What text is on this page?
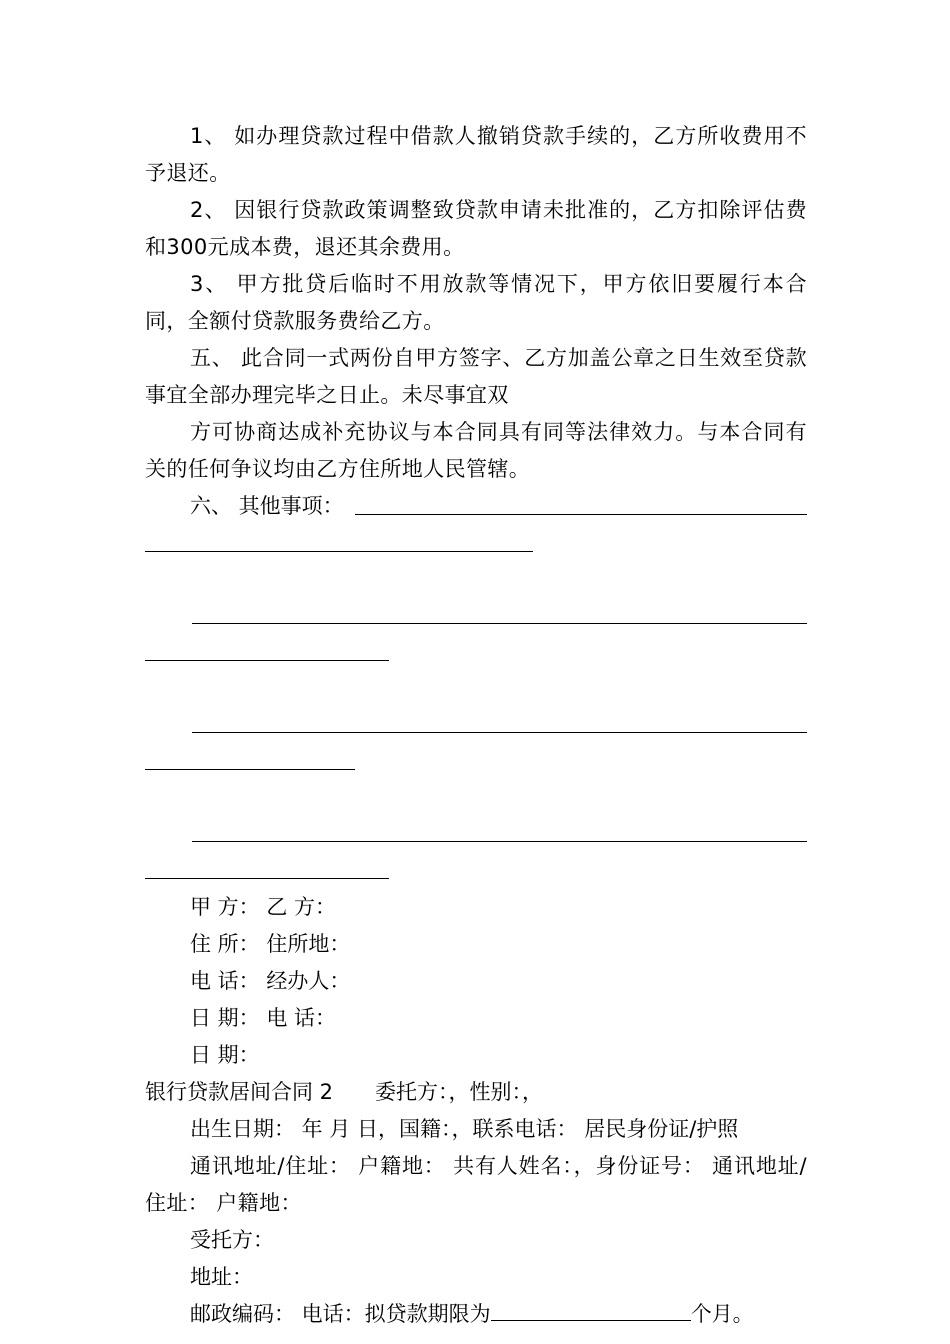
1、 如办理贷款过程中借款人撤销贷款手续的，乙方所收费用不予退还。

2、 因银行贷款政策调整致贷款申请未批准的，乙方扣除评估费和300元成本费，退还其余费用。

3、 甲方批贷后临时不用放款等情况下，甲方依旧要履行本合同，全额付贷款服务费给乙方。

五、 此合同一式两份自甲方签字、乙方加盖公章之日生效至贷款事宜全部办理完毕之日止。未尽事宜双

方可协商达成补充协议与本合同具有同等法律效力。与本合同有关的任何争议均由乙方住所地人民管辖。

六、 其他事项：
甲 方： 乙 方：
住 所： 住所地：
电 话： 经办人：
日 期： 电 话：
日 期：
银行贷款居间合同 2　　委托方：，性别：，
出生日期： 年 月 日，国籍：，联系电话： 居民身份证/护照

通讯地址/住址： 户籍地： 共有人姓名：，身份证号： 通讯地址/住址： 户籍地：

受托方：
地址：
邮政编码： 电话：拟贷款期限为	个月。
